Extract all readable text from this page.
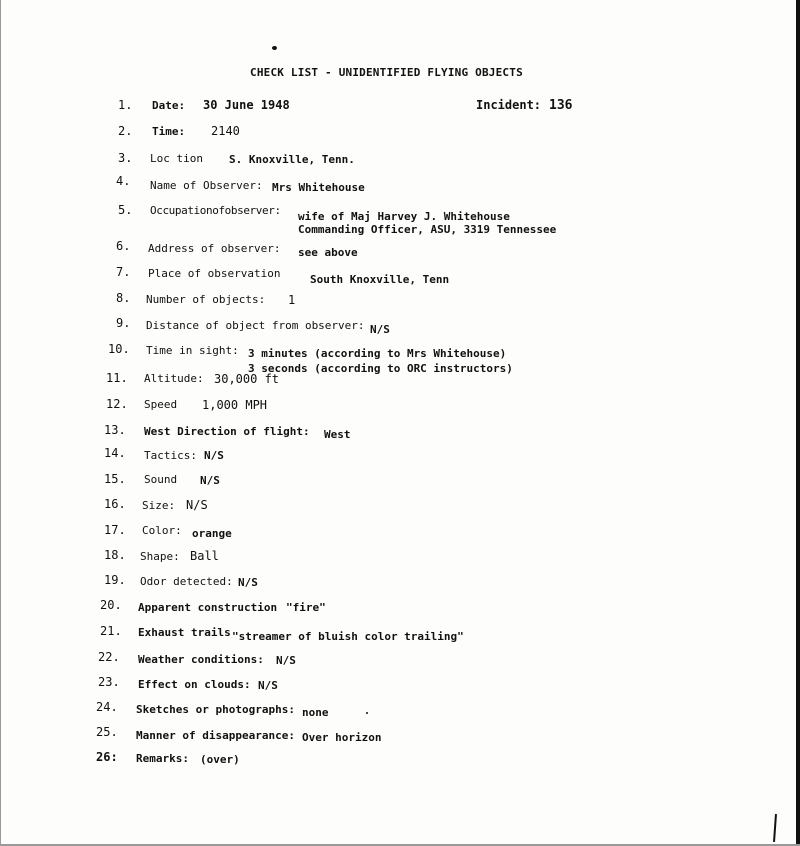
CHECK LIST - UNIDENTIFIED FLYING OBJECTS
Incident: 136
1. Date: 30 June 1948
2. Time: 2140
3. Loc tion S. Knoxville, Tenn.
4. Name of Observer: Mrs Whitehouse
5. Occupationofobserver: wife of Maj Harvey J. Whitehouse
Commanding Officer, ASU, 3319 Tennessee
6. Address of observer: see above
7. Place of observation	South Knoxville, Tenn
8. Number of objects: 1
9. Distance of object from observer: N/S
10. Time in sight: 3 minutes (according to Mrs Whitehouse)
3 seconds (according to ORC instructors)
11. Altitude: 30,000 ft
12. Speed 1,000 MPH
13. West Direction of flight: West
14. Tactics: N/S
15. Sound N/S
16. Size: N/S
17. Color: orange
18. Shape: Ball
19. Odor detected: N/S
20. Apparent construction "fire"
21. Exhaust trails "streamer of bluish color trailing"
22. Weather conditions: N/S
23. Effect on clouds: N/S
24. Sketches or photographs: none
25. Manner of disappearance: Over horizon
26: Remarks: (over)
